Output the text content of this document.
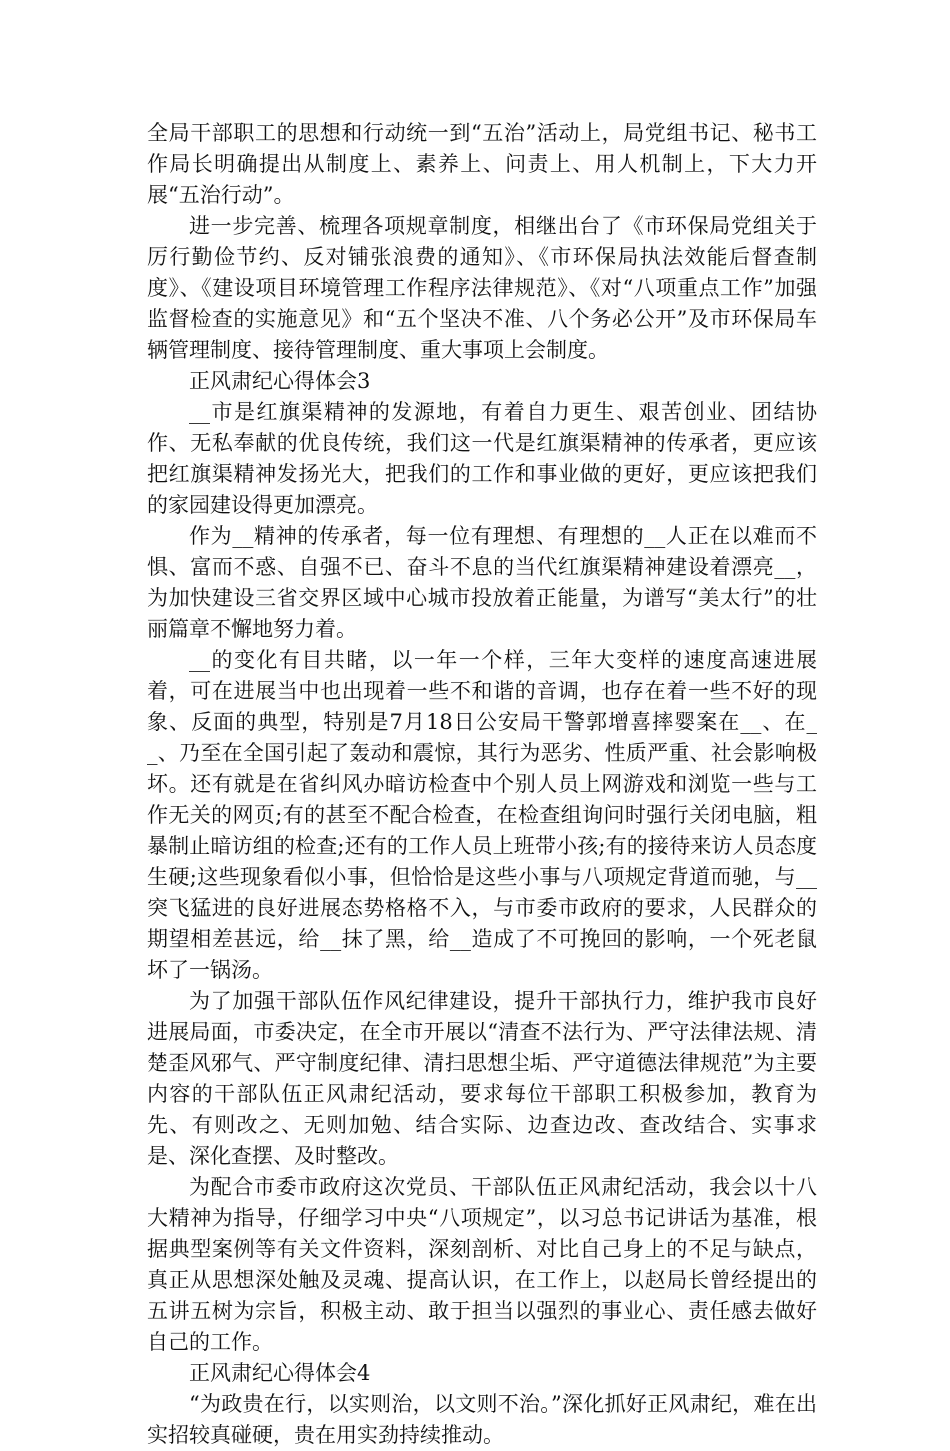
全局干部职工的思想和行动统一到“五治”活动上，局党组书记、秘书工作局长明确提出从制度上、素养上、问责上、用人机制上，下大力开展“五治行动”。

进一步完善、梳理各项规章制度，相继出台了《市环保局党组关于厉行勤俭节约、反对铺张浪费的通知》、《市环保局执法效能后督查制度》、《建设项目环境管理工作程序法律规范》、《对“八项重点工作”加强监督检查的实施意见》和“五个坚决不准、八个务必公开”及市环保局车辆管理制度、接待管理制度、重大事项上会制度。

正风肃纪心得体会3

__市是红旗渠精神的发源地，有着自力更生、艰苦创业、团结协作、无私奉献的优良传统，我们这一代是红旗渠精神的传承者，更应该把红旗渠精神发扬光大，把我们的工作和事业做的更好，更应该把我们的家园建设得更加漂亮。

作为__精神的传承者，每一位有理想、有理想的__人正在以难而不惧、富而不惑、自强不已、奋斗不息的当代红旗渠精神建设着漂亮__，为加快建设三省交界区域中心城市投放着正能量，为谱写“美太行”的壮丽篇章不懈地努力着。

__的变化有目共睹，以一年一个样，三年大变样的速度高速进展着，可在进展当中也出现着一些不和谐的音调，也存在着一些不好的现象、反面的典型，特别是7月18日公安局干警郭增喜摔婴案在__、在__、乃至在全国引起了轰动和震惊，其行为恶劣、性质严重、社会影响极坏。还有就是在省纠风办暗访检查中个别人员上网游戏和浏览一些与工作无关的网页;有的甚至不配合检查，在检查组询问时强行关闭电脑，粗暴制止暗访组的检查;还有的工作人员上班带小孩;有的接待来访人员态度生硬;这些现象看似小事，但恰恰是这些小事与八项规定背道而驰，与__突飞猛进的良好进展态势格格不入，与市委市政府的要求，人民群众的期望相差甚远，给__抹了黑，给__造成了不可挽回的影响，一个死老鼠坏了一锅汤。

为了加强干部队伍作风纪律建设，提升干部执行力，维护我市良好进展局面，市委决定，在全市开展以“清查不法行为、严守法律法规、清楚歪风邪气、严守制度纪律、清扫思想尘垢、严守道德法律规范”为主要内容的干部队伍正风肃纪活动，要求每位干部职工积极参加，教育为先、有则改之、无则加勉、结合实际、边查边改、查改结合、实事求是、深化查摆、及时整改。

为配合市委市政府这次党员、干部队伍正风肃纪活动，我会以十八大精神为指导，仔细学习中央“八项规定”，以习总书记讲话为基准，根据典型案例等有关文件资料，深刻剖析、对比自己身上的不足与缺点，真正从思想深处触及灵魂、提高认识，在工作上，以赵局长曾经提出的五讲五树为宗旨，积极主动、敢于担当以强烈的事业心、责任感去做好自己的工作。

正风肃纪心得体会4

“为政贵在行，以实则治，以文则不治。”深化抓好正风肃纪，难在出实招较真碰硬，贵在用实劲持续推动。
